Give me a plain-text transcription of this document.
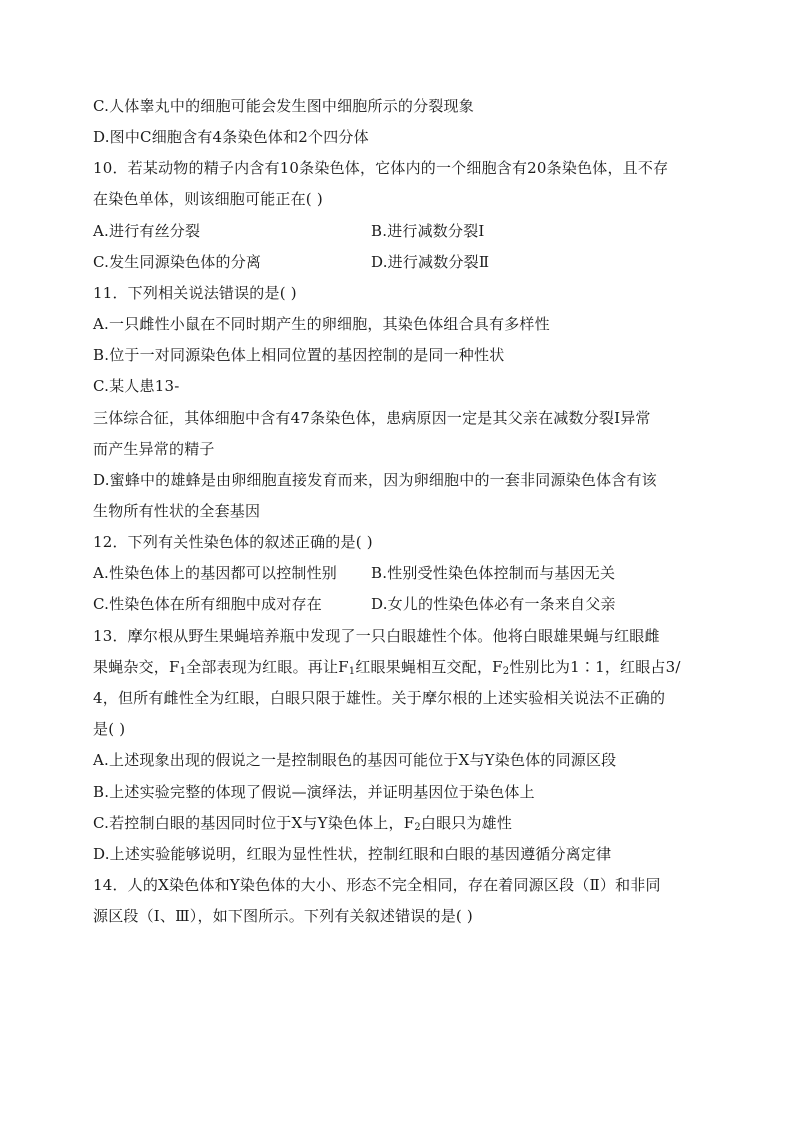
C.人体睾丸中的细胞可能会发生图中细胞所示的分裂现象
D.图中C细胞含有4条染色体和2个四分体
10．若某动物的精子内含有10条染色体，它体内的一个细胞含有20条染色体，且不存
在染色单体，则该细胞可能正在( )
A.进行有丝分裂	B.进行减数分裂Ⅰ
C.发生同源染色体的分离	D.进行减数分裂Ⅱ
11．下列相关说法错误的是( )
A.一只雌性小鼠在不同时期产生的卵细胞，其染色体组合具有多样性
B.位于一对同源染色体上相同位置的基因控制的是同一种性状
C.某人患13-
三体综合征，其体细胞中含有47条染色体，患病原因一定是其父亲在减数分裂Ⅰ异常
而产生异常的精子
D.蜜蜂中的雄蜂是由卵细胞直接发育而来，因为卵细胞中的一套非同源染色体含有该
生物所有性状的全套基因
12．下列有关性染色体的叙述正确的是( )
A.性染色体上的基因都可以控制性别 B.性别受性染色体控制而与基因无关
C.性染色体在所有细胞中成对存在	D.女儿的性染色体必有一条来自父亲
13．摩尔根从野生果蝇培养瓶中发现了一只白眼雄性个体。他将白眼雄果蝇与红眼雌
果蝇杂交，$F_1$全部表现为红眼。再让$F_1$红眼果蝇相互交配，$F_2$性别比为1∶1，红眼占3/
4，但所有雌性全为红眼，白眼只限于雄性。关于摩尔根的上述实验相关说法不正确的
是( )
A.上述现象出现的假说之一是控制眼色的基因可能位于X与Y染色体的同源区段
B.上述实验完整的体现了假说—演绎法，并证明基因位于染色体上
C.若控制白眼的基因同时位于X与Y染色体上，$F_2$白眼只为雄性
D.上述实验能够说明，红眼为显性性状，控制红眼和白眼的基因遵循分离定律
14．人的X染色体和Y染色体的大小、形态不完全相同，存在着同源区段（Ⅱ）和非同
源区段（Ⅰ、Ⅲ），如下图所示。下列有关叙述错误的是( )
